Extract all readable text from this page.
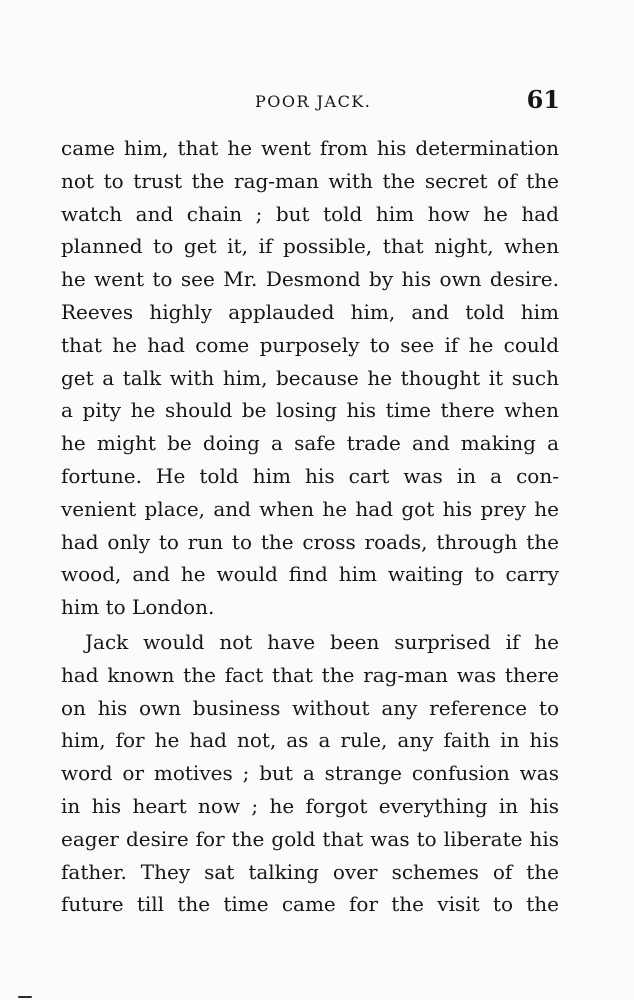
POOR JACK.	61
came him, that he went from his determination
not to trust the rag-man with the secret of the
watch and chain ; but told him how he had
planned to get it, if possible, that night, when
he went to see Mr. Desmond by his own desire.
Reeves highly applauded him, and told him
that he had come purposely to see if he could
get a talk with him, because he thought it such
a pity he should be losing his time there when
he might be doing a safe trade and making a
fortune. He told him his cart was in a con-
venient place, and when he had got his prey he
had only to run to the cross roads, through the
wood, and he would find him waiting to carry
him to London.
Jack would not have been surprised if he
had known the fact that the rag-man was there
on his own business without any reference to
him, for he had not, as a rule, any faith in his
word or motives ; but a strange confusion was
in his heart now ; he forgot everything in his
eager desire for the gold that was to liberate his
father. They sat talking over schemes of the
future till the time came for the visit to the
